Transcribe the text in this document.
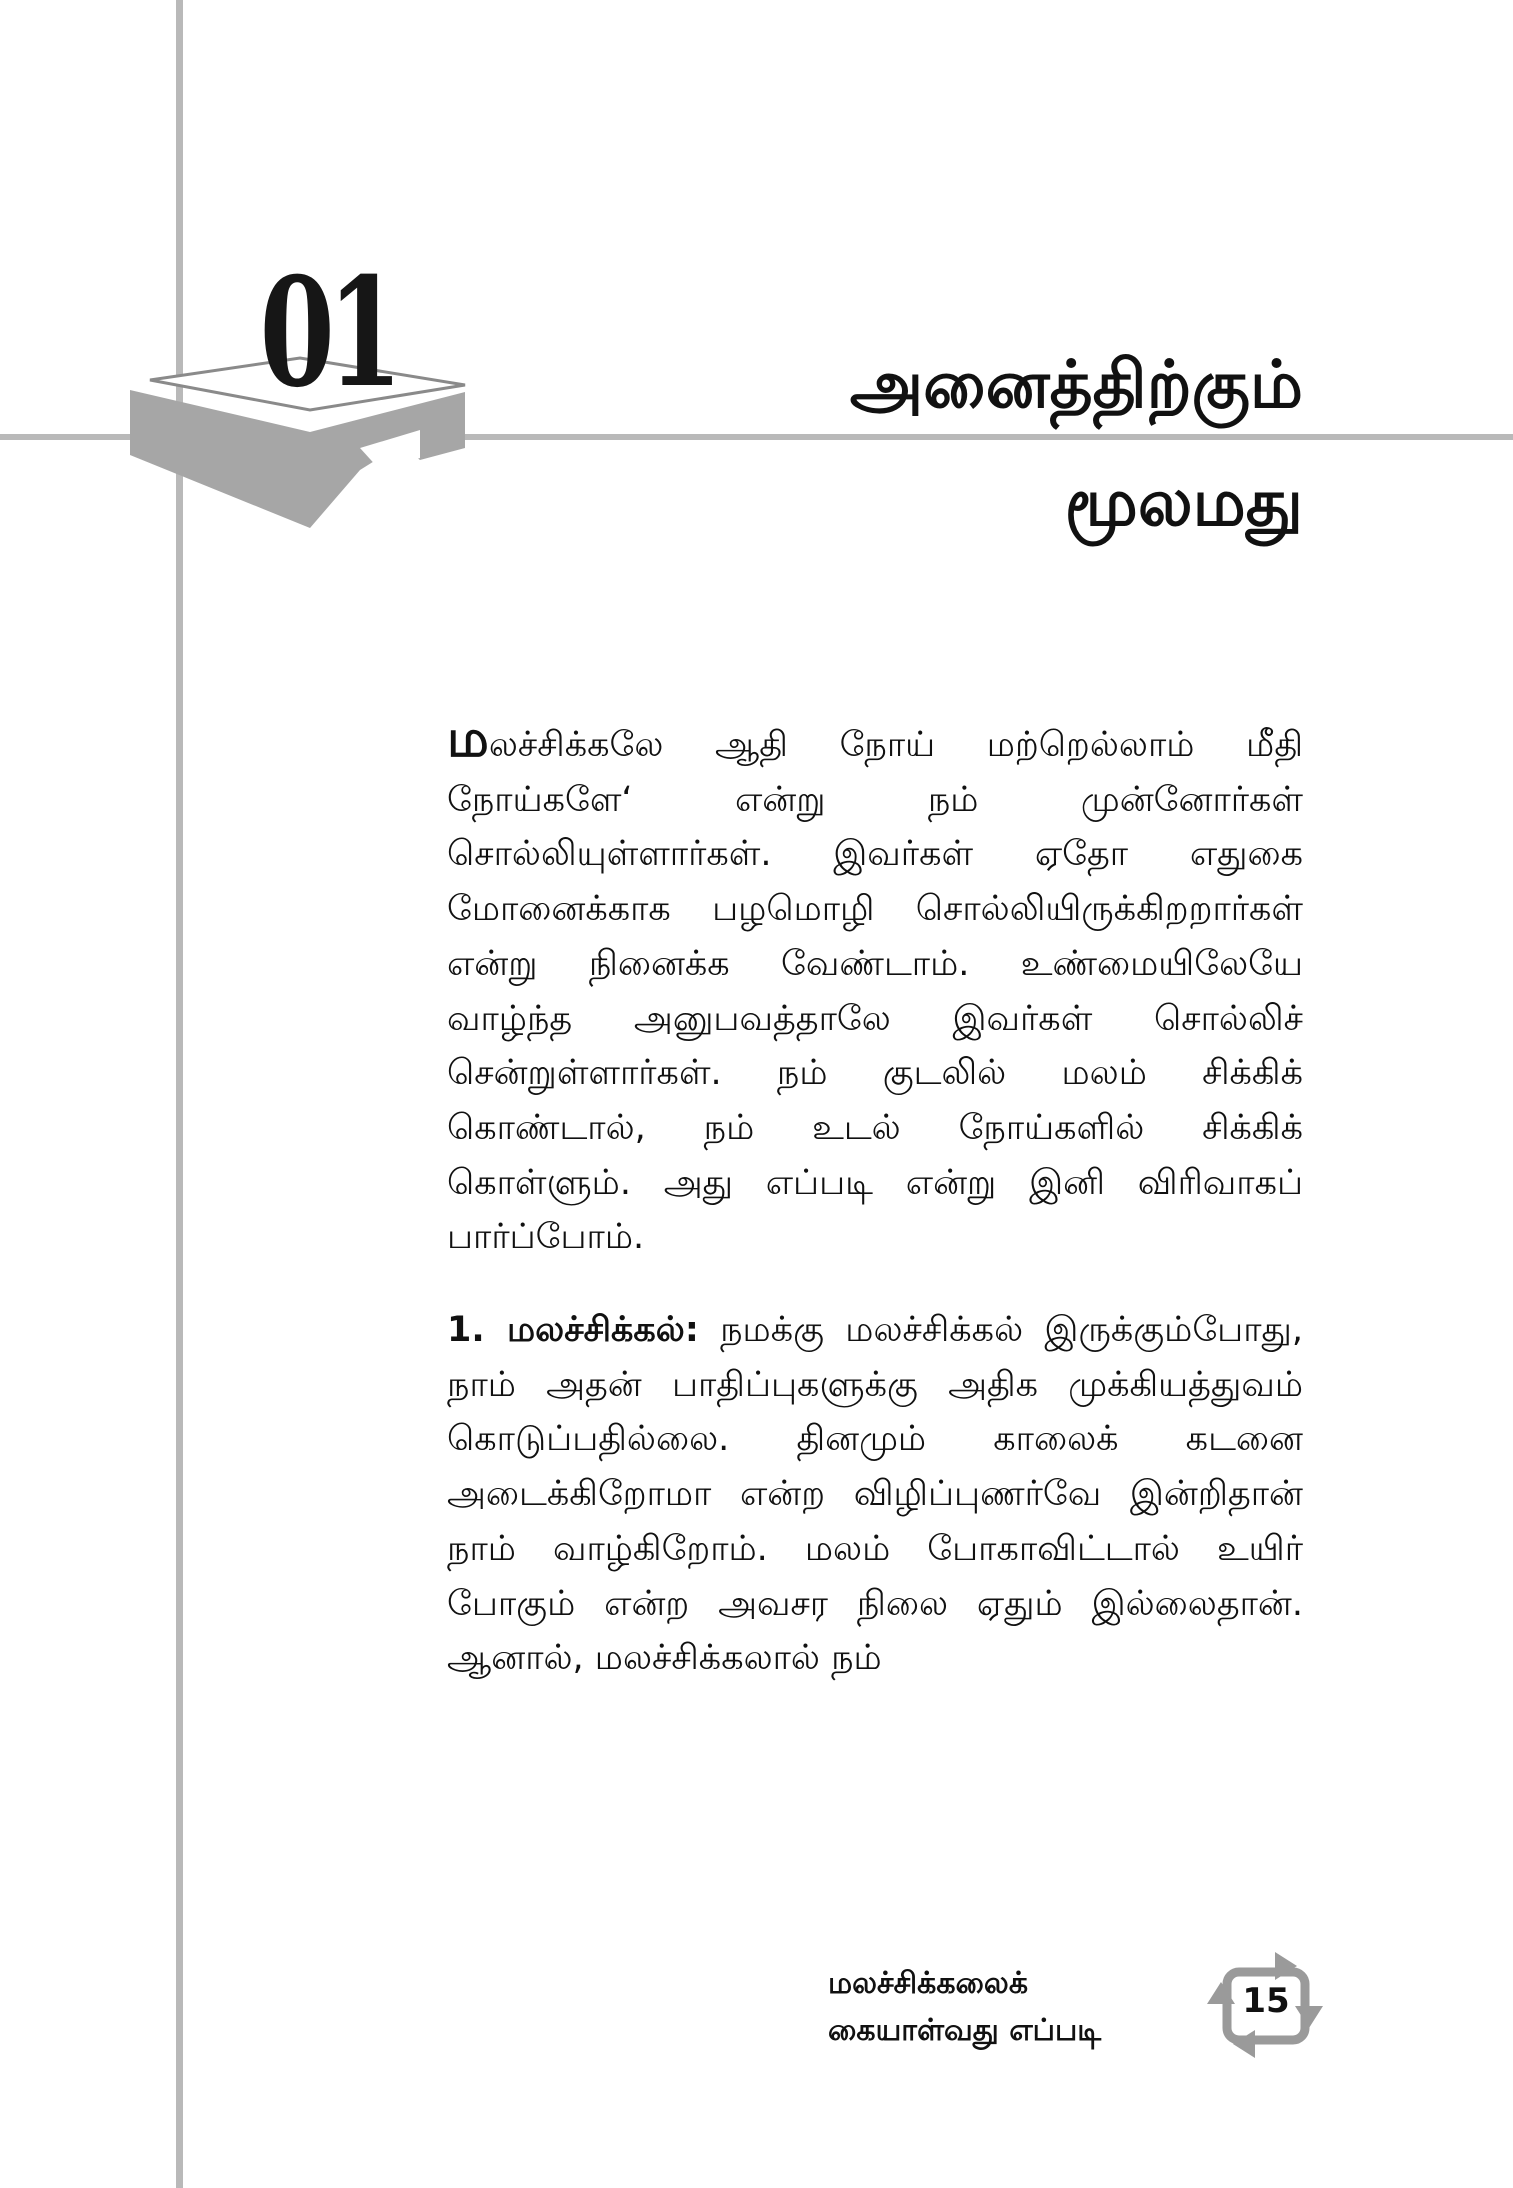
01	அனைத்திற்கும்
மூலமது

மலச்சிக்கலே ஆதி நோய் மற்றெல்லாம் மீதி நோய்களே‘ என்று நம் முன்னோர்கள் சொல்லியுள்ளார்கள். இவர்கள் ஏதோ எதுகை மோனைக்காக பழமொழி சொல்லியிருக்கிறறார்கள் என்று நினைக்க வேண்டாம். உண்மையிலேயே வாழ்ந்த அனுபவத்தாலே இவர்கள் சொல்லிச் சென்றுள்ளார்கள். நம் குடலில் மலம் சிக்கிக் கொண்டால், நம் உடல் நோய்களில் சிக்கிக் கொள்ளும். அது எப்படி என்று இனி விரிவாகப் பார்ப்போம்.

1. மலச்சிக்கல்: நமக்கு மலச்சிக்கல் இருக்கும்போது, நாம் அதன் பாதிப்புகளுக்கு அதிக முக்கியத்துவம் கொடுப்பதில்லை. தினமும் காலைக் கடனை அடைக்கிறோமா என்ற விழிப்புணர்வே இன்றிதான் நாம் வாழ்கிறோம். மலம் போகாவிட்டால் உயிர் போகும் என்ற அவசர நிலை ஏதும் இல்லைதான். ஆனால், மலச்சிக்கலால் நம்

மலச்சிக்கலைக்
கையாள்வது எப்படி
15
